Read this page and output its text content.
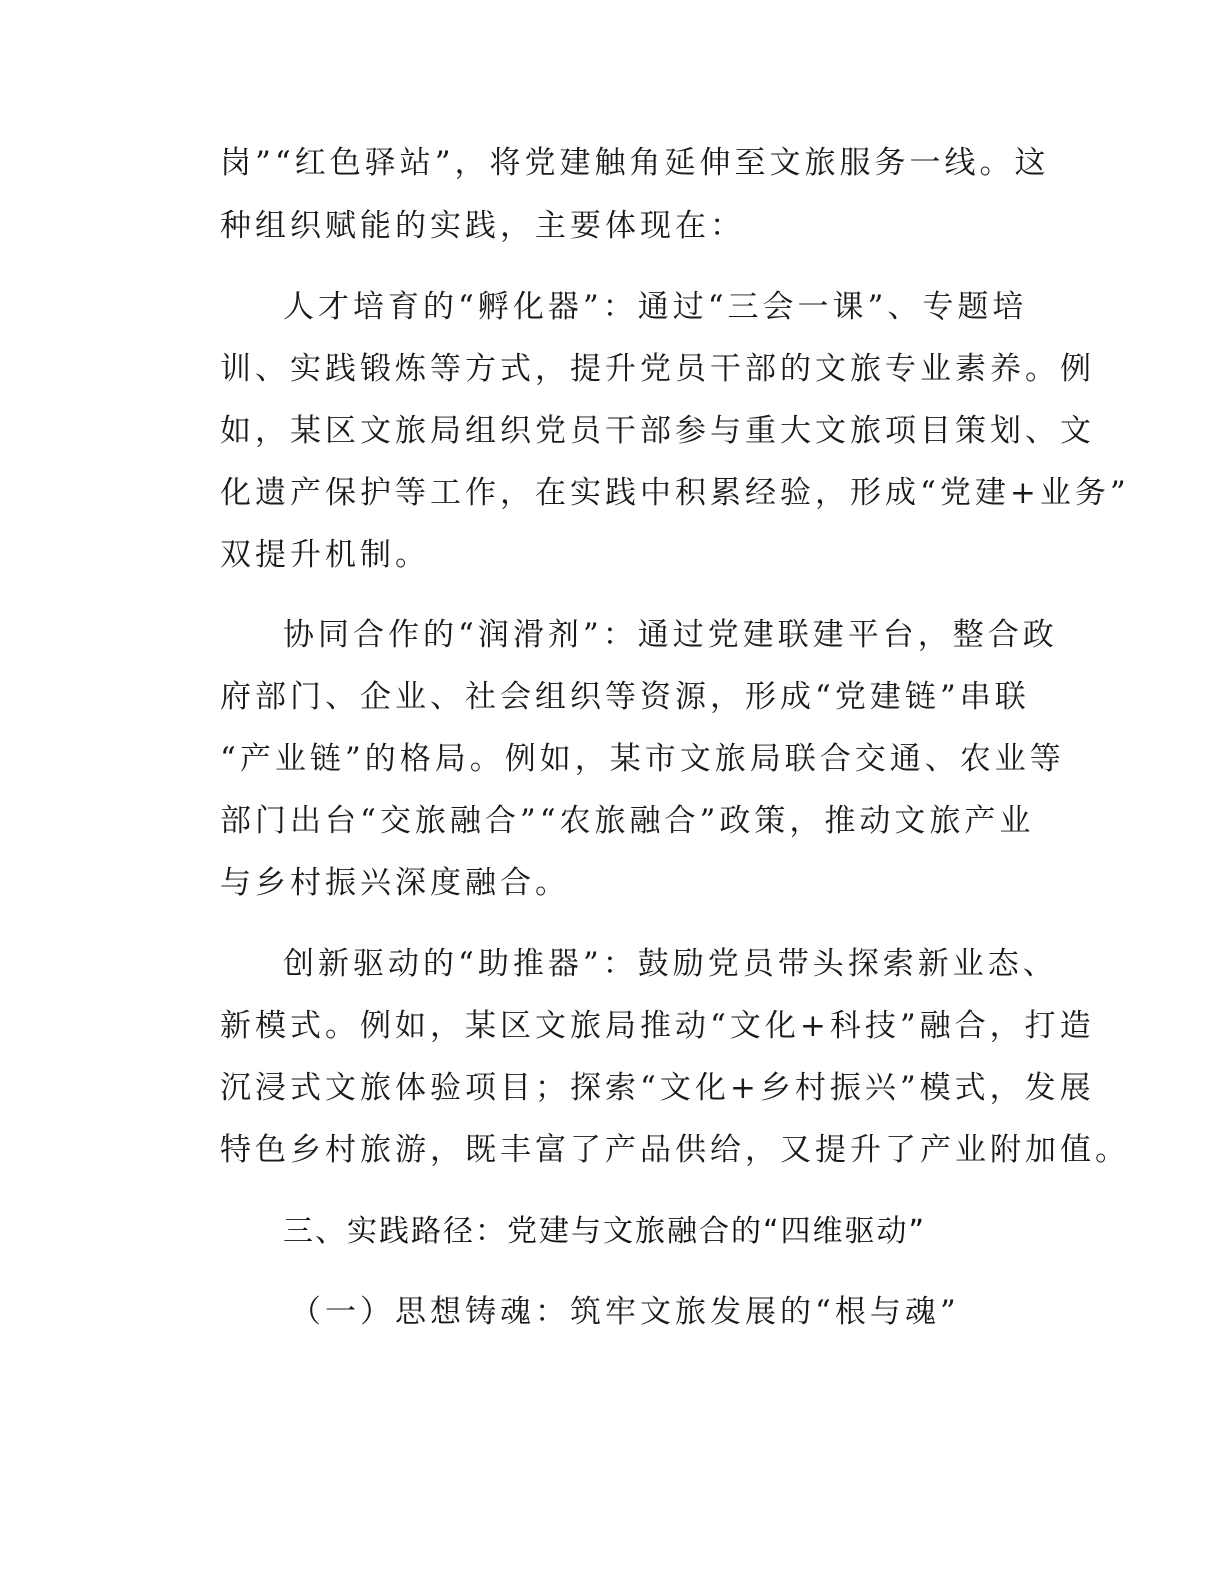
岗”“红色驿站”，将党建触角延伸至文旅服务一线。这

种组织赋能的实践，主要体现在：

人才培育的“孵化器”：通过“三会一课”、专题培

训、实践锻炼等方式，提升党员干部的文旅专业素养。例

如，某区文旅局组织党员干部参与重大文旅项目策划、文

化遗产保护等工作，在实践中积累经验，形成“党建+业务”

双提升机制。

协同合作的“润滑剂”：通过党建联建平台，整合政

府部门、企业、社会组织等资源，形成“党建链”串联

“产业链”的格局。例如，某市文旅局联合交通、农业等

部门出台“交旅融合”“农旅融合”政策，推动文旅产业

与乡村振兴深度融合。

创新驱动的“助推器”：鼓励党员带头探索新业态、

新模式。例如，某区文旅局推动“文化+科技”融合，打造

沉浸式文旅体验项目；探索“文化+乡村振兴”模式，发展

特色乡村旅游，既丰富了产品供给，又提升了产业附加值。

三、实践路径：党建与文旅融合的“四维驱动”

（一）思想铸魂：筑牢文旅发展的“根与魂”
